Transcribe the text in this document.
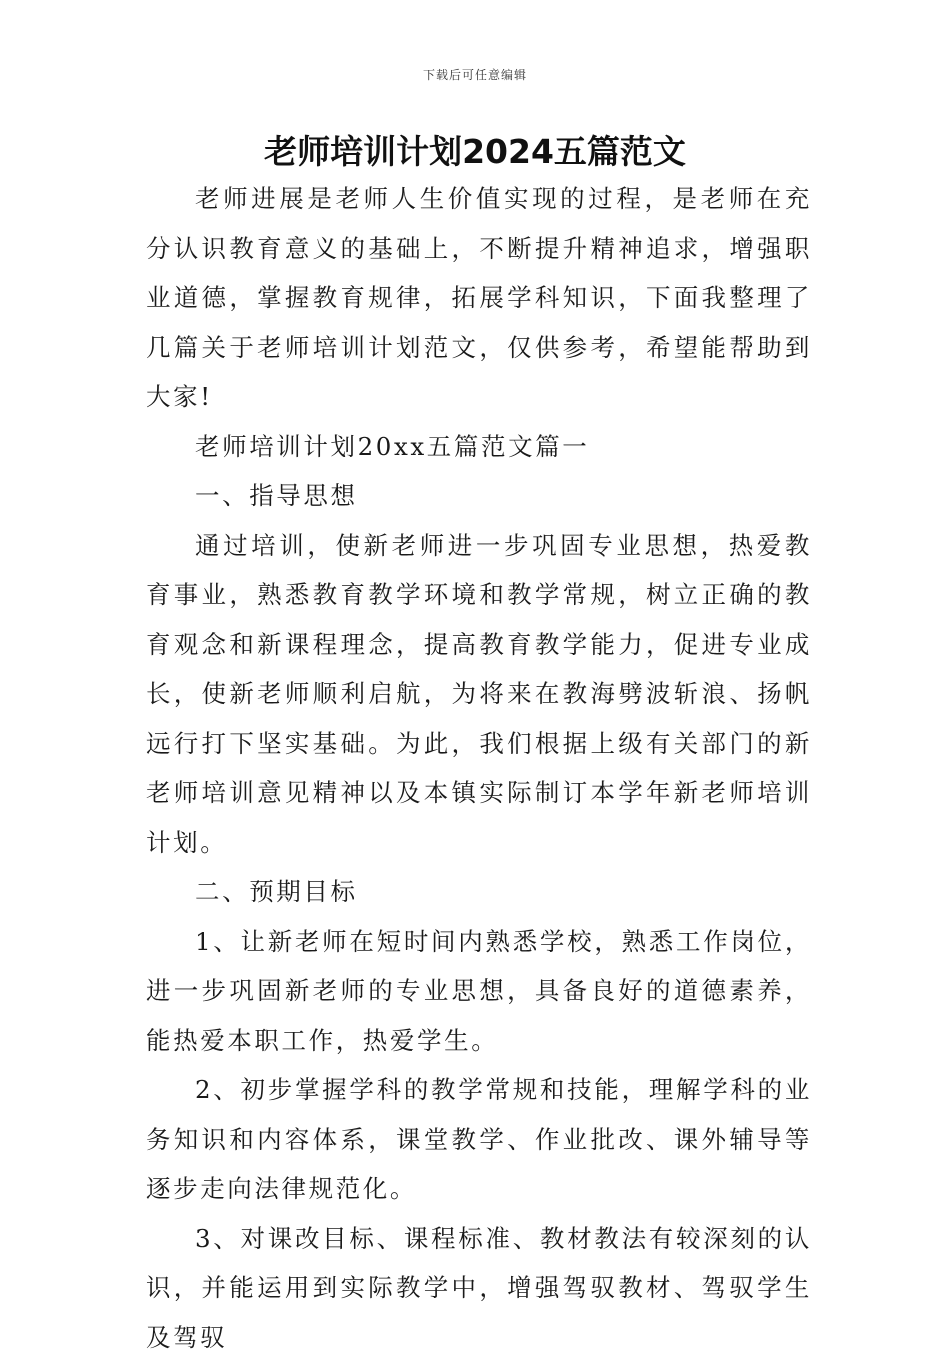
下载后可任意编辑
老师培训计划2024五篇范文

老师进展是老师人生价值实现的过程，是老师在充分认识教育意义的基础上，不断提升精神追求，增强职业道德，掌握教育规律，拓展学科知识，下面我整理了几篇关于老师培训计划范文，仅供参考，希望能帮助到大家!

老师培训计划20xx五篇范文篇一

一、指导思想

通过培训，使新老师进一步巩固专业思想，热爱教育事业，熟悉教育教学环境和教学常规，树立正确的教育观念和新课程理念，提高教育教学能力，促进专业成长，使新老师顺利启航，为将来在教海劈波斩浪、扬帆远行打下坚实基础。为此，我们根据上级有关部门的新老师培训意见精神以及本镇实际制订本学年新老师培训计划。

二、预期目标

1、让新老师在短时间内熟悉学校，熟悉工作岗位，进一步巩固新老师的专业思想，具备良好的道德素养，能热爱本职工作，热爱学生。

2、初步掌握学科的教学常规和技能，理解学科的业务知识和内容体系，课堂教学、作业批改、课外辅导等逐步走向法律规范化。

3、对课改目标、课程标准、教材教法有较深刻的认识，并能运用到实际教学中，增强驾驭教材、驾驭学生及驾驭
